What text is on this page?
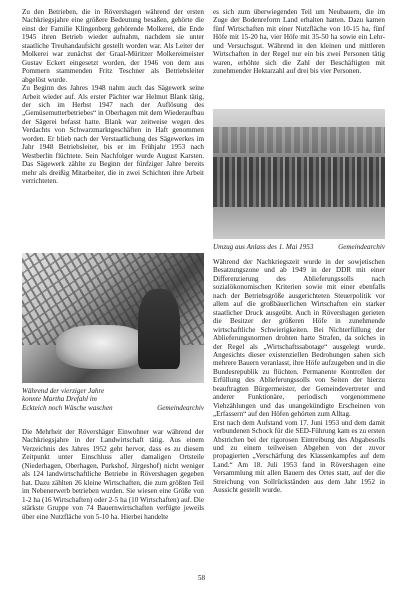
Zu den Betrieben, die in Rövershagen während der ersten Nachkriegsjahre eine größere Bedeutung besaßen, gehörte die einst der Familie Klingenberg gehörende Molkerei, die Ende 1945 ihren Betrieb wieder aufnahm, nachdem sie unter staatliche Treuhandaufsicht gestellt worden war. Als Leiter der Molkerei war zunächst der Graal-Müritzer Molkereimeister Gustav Eckert eingesetzt worden, der 1946 von dem aus Pommern stammenden Fritz Teschner als Betriebsleiter abgelöst wurde.

Zu Beginn des Jahres 1948 nahm auch das Sägewerk seine Arbeit wieder auf. Als erster Pächter war Helmut Blank tätig, der sich im Herbst 1947 nach der Auflösung des „Gemüsemutterbetriebes“ in Oberhagen mit dem Wiederaufbau der Sägerei befasst hatte. Blank war zeitweise wegen des Verdachts von Schwarzmarktgeschäften in Haft genommen worden. Er blieb nach der Verstaatlichung des Sägewerkes im Jahr 1948 Betriebsleiter, bis er im Frühjahr 1953 nach Westberlin flüchtete. Sein Nachfolger wurde August Karsten. Das Sägewerk zählte zu Beginn der fünfziger Jahre bereits mehr als dreißig Mitarbeiter, die in zwei Schichten ihre Arbeit verrichteten.

es sich zum überwiegenden Teil um Neubauern, die im Zuge der Bodenreform Land erhalten hatten. Dazu kamen fünf Wirtschaften mit einer Nutzfläche von 10-15 ha, fünf Höfe mit 15-20 ha, vier Höfe mit 35-50 ha sowie ein Lehr- und Versuchsgut. Während in den kleinen und mittleren Wirtschaften in der Regel nur ein bis zwei Personen tätig waren, erhöhte sich die Zahl der Beschäftigten mit zunehmender Hektarzahl auf drei bis vier Personen.

Umzug aus Anlass des 1. Mai 1953	Gemeindearchiv
Während der vierziger Jahre
konnte Martha Drefahl im
Eckteich noch Wäsche waschen	Gemeindearchiv

Während der Nachkriegszeit wurde in der sowjetischen Besatzungszone und ab 1949 in der DDR mit einer Differenzierung des Ablieferungssolls nach sozialökonomischen Kriterien sowie mit einer ebenfalls nach der Betriebsgröße ausgerichteten Steuerpolitik vor allem auf die großbäuerlichen Wirtschaften ein starker staatlicher Druck ausgeübt. Auch in Rövershagen gerieten die Besitzer der größeren Höfe in zunehmende wirtschaftliche Schwierigkeiten. Bei Nichterfüllung der Ablieferungsnormen drohten harte Strafen, da solches in der Regel als „Wirtschaftssabotage“ ausgelegt wurde. Angesichts dieser existenziellen Bedrohungen sahen sich mehrere Bauern veranlasst, ihre Höfe aufzugeben und in die Bundesrepublik zu flüchten. Permanente Kontrollen der Erfüllung des Ablieferungssolls von Seiten der hierzu beauftragten Bürgermeister, der Gemeindevertreter und anderer Funktionäre, periodisch vorgenommene Viehzählungen und das unangekündigte Erscheinen von „Erfassern“ auf den Höfen gehörten zum Alltag.

Erst nach dem Aufstand vom 17. Juni 1953 und dem damit verbundenen Schock für die SED-Führung kam es zu ersten Abstrichen bei der rigorosen Eintreibung des Abgabesolls und zu einem teilweisen Abgehen von der zuvor propagierten „Verschärfung des Klassenkampfes auf dem Land.“ Am 18. Juli 1953 fand in Rövershagen eine Versammlung mit allen Bauern des Ortes statt, auf der die Streichung von Sollrückständen aus dem Jahr 1952 in Aussicht gestellt wurde.

Die Mehrheit der Rövershäger Einwohner war während der Nachkriegsjahre in der Landwirtschaft tätig. Aus einem Verzeichnis des Jahres 1952 geht hervor, dass es zu diesem Zeitpunkt unter Einschluss aller damaligen Ortsteile (Niederhagen, Oberhagen, Purkshof, Jürgeshof) nicht weniger als 124 landwirtschaftliche Betriebe in Rövershagen gegeben hat. Dazu zählten 26 kleine Wirtschaften, die zum größten Teil im Nebenerwerb betrieben wurden. Sie wiesen eine Größe von 1-2 ha (16 Wirtschaften) oder 2-5 ha (10 Wirtschaften) auf. Die stärkste Gruppe von 74 Bauernwirtschaften verfügte jeweils über eine Nutzfläche von 5-10 ha. Hierbei handelte

58
